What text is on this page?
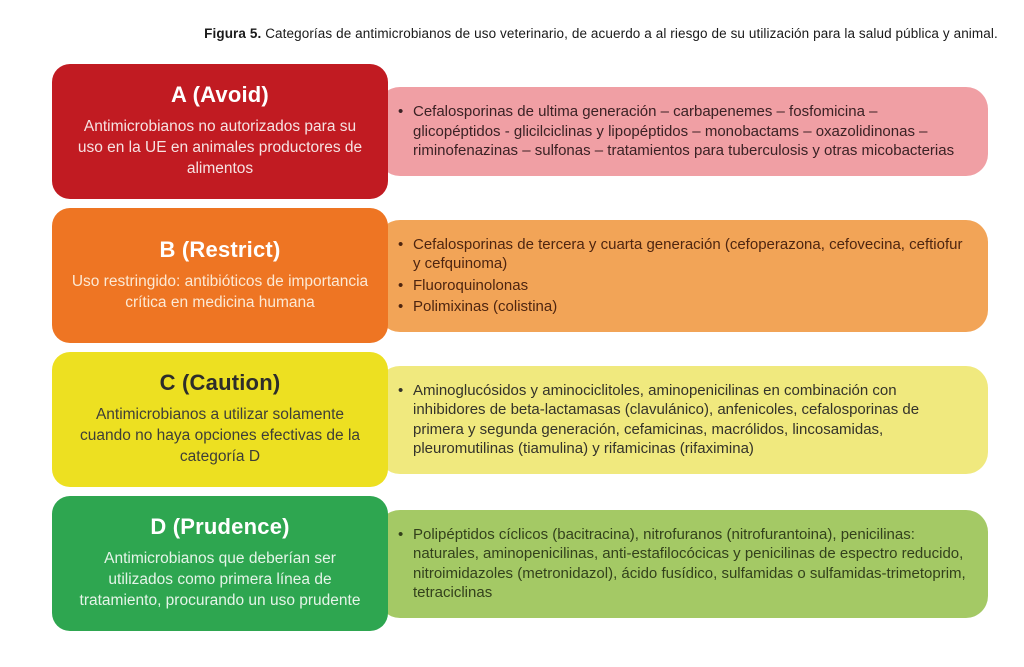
Figura 5. Categorías de antimicrobianos de uso veterinario, de acuerdo a al riesgo de su utilización para la salud pública y animal.
A (Avoid)
Antimicrobianos no autorizados para su uso en la UE en animales productores de alimentos
• Cefalosporinas de ultima generación – carbapenemes – fosfomicina – glicopéptidos - glicilciclinas y lipopéptidos – monobactams – oxazolidinonas – riminofenazinas – sulfonas – tratamientos para tuberculosis y otras micobacterias
B (Restrict)
Uso restringido: antibióticos de importancia crítica en medicina humana
• Cefalosporinas de tercera y cuarta generación (cefoperazona, cefovecina, ceftiofur y cefquinoma)
• Fluoroquinolonas
• Polimixinas (colistina)
C (Caution)
Antimicrobianos a utilizar solamente cuando no haya opciones efectivas de la categoría D
• Aminoglucósidos y aminociclitoles, aminopenicilinas en combinación con inhibidores de beta-lactamasas (clavulánico), anfenicoles, cefalosporinas de primera y segunda generación, cefamicinas, macrólidos, lincosamidas, pleuromutilinas (tiamulina) y rifamicinas (rifaximina)
D (Prudence)
Antimicrobianos que deberían ser utilizados como primera línea de tratamiento, procurando un uso prudente
• Polipéptidos cíclicos (bacitracina), nitrofuranos (nitrofurantoina), penicilinas: naturales, aminopenicilinas, anti-estafilocócicas y penicilinas de espectro reducido, nitroimidazoles (metronidazol), ácido fusídico, sulfamidas o sulfamidas-trimetoprim, tetraciclinas
